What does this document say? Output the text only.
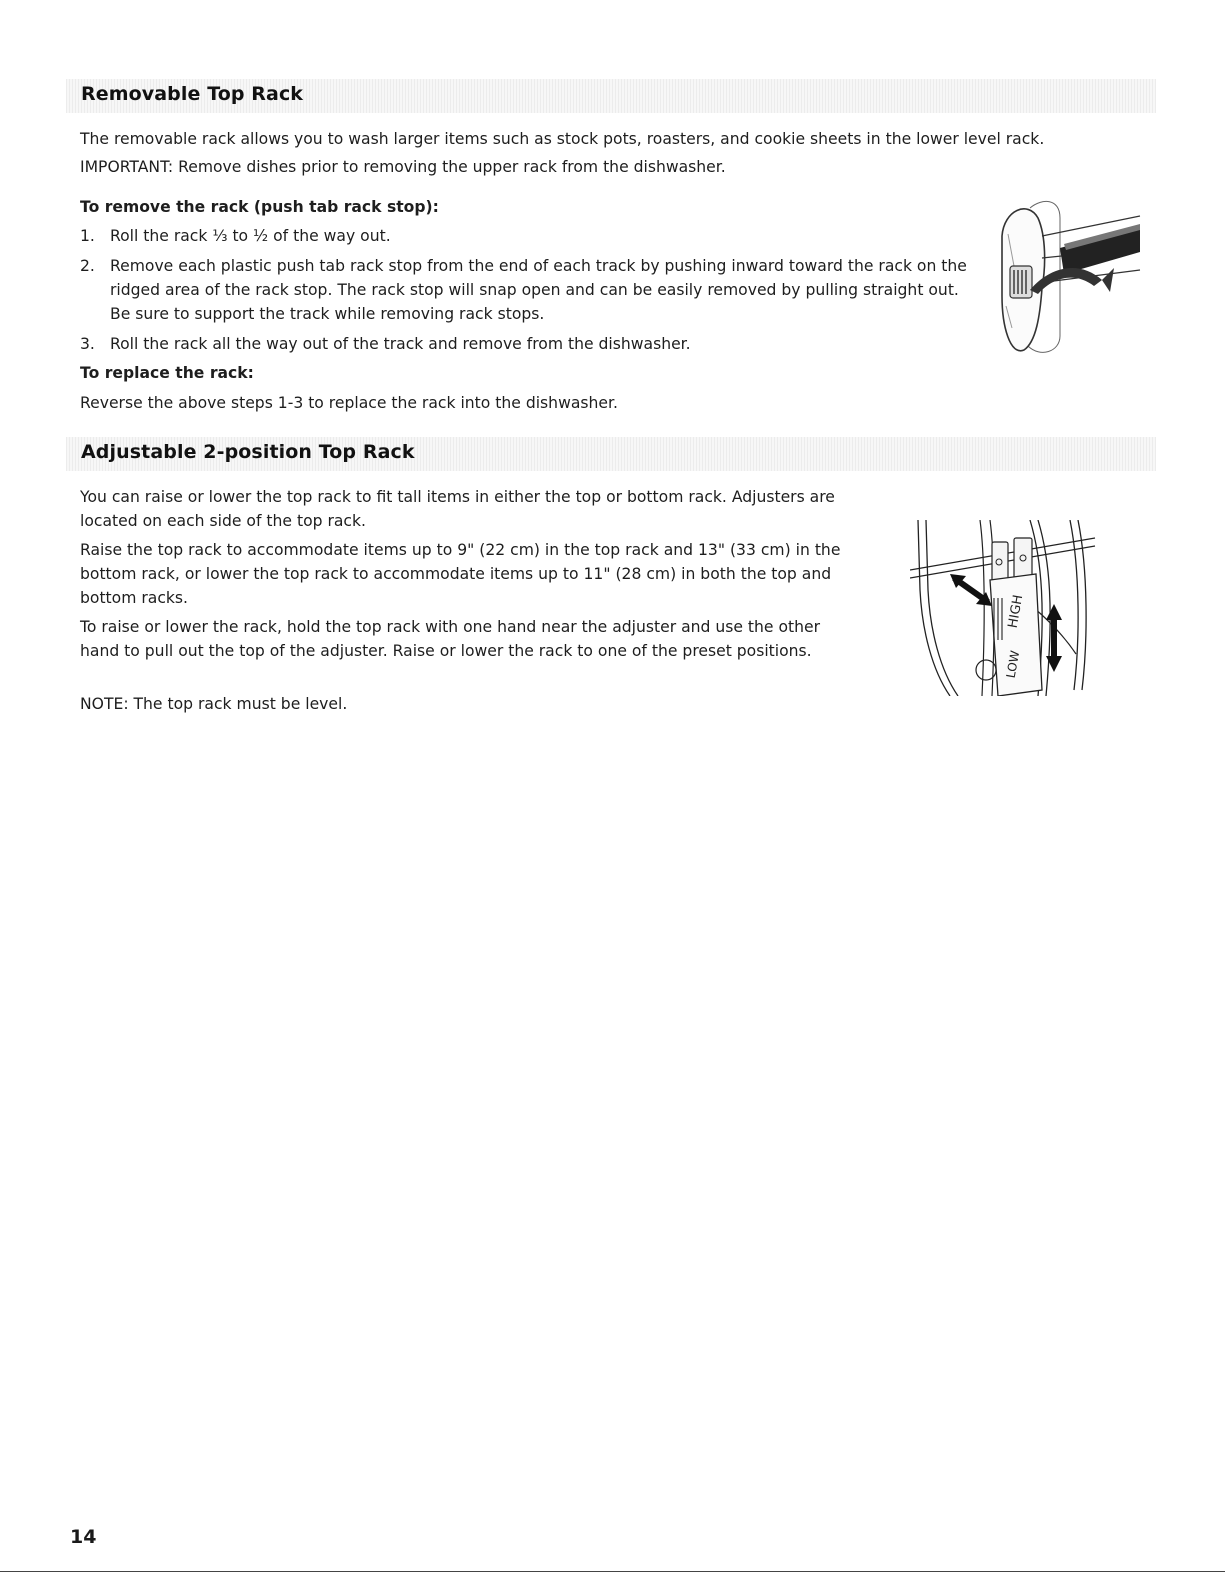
Removable Top Rack

The removable rack allows you to wash larger items such as stock pots, roasters, and cookie sheets in the lower level rack.

IMPORTANT: Remove dishes prior to removing the upper rack from the dishwasher.

To remove the rack (push tab rack stop):

1. Roll the rack ⅓ to ½ of the way out.
2. Remove each plastic push tab rack stop from the end of each track by pushing inward toward the rack on the ridged area of the rack stop. The rack stop will snap open and can be easily removed by pulling straight out. Be sure to support the track while removing rack stops.
3. Roll the rack all the way out of the track and remove from the dishwasher.

To replace the rack:

Reverse the above steps 1-3 to replace the rack into the dishwasher.

Adjustable 2-position Top Rack

You can raise or lower the top rack to fit tall items in either the top or bottom rack. Adjusters are located on each side of the top rack.

Raise the top rack to accommodate items up to 9" (22 cm) in the top rack and 13" (33 cm) in the bottom rack, or lower the top rack to accommodate items up to 11" (28 cm) in both the top and bottom racks.

To raise or lower the rack, hold the top rack with one hand near the adjuster and use the other hand to pull out the top of the adjuster. Raise or lower the rack to one of the preset positions.

NOTE: The top rack must be level.

HIGH
LOW
14
